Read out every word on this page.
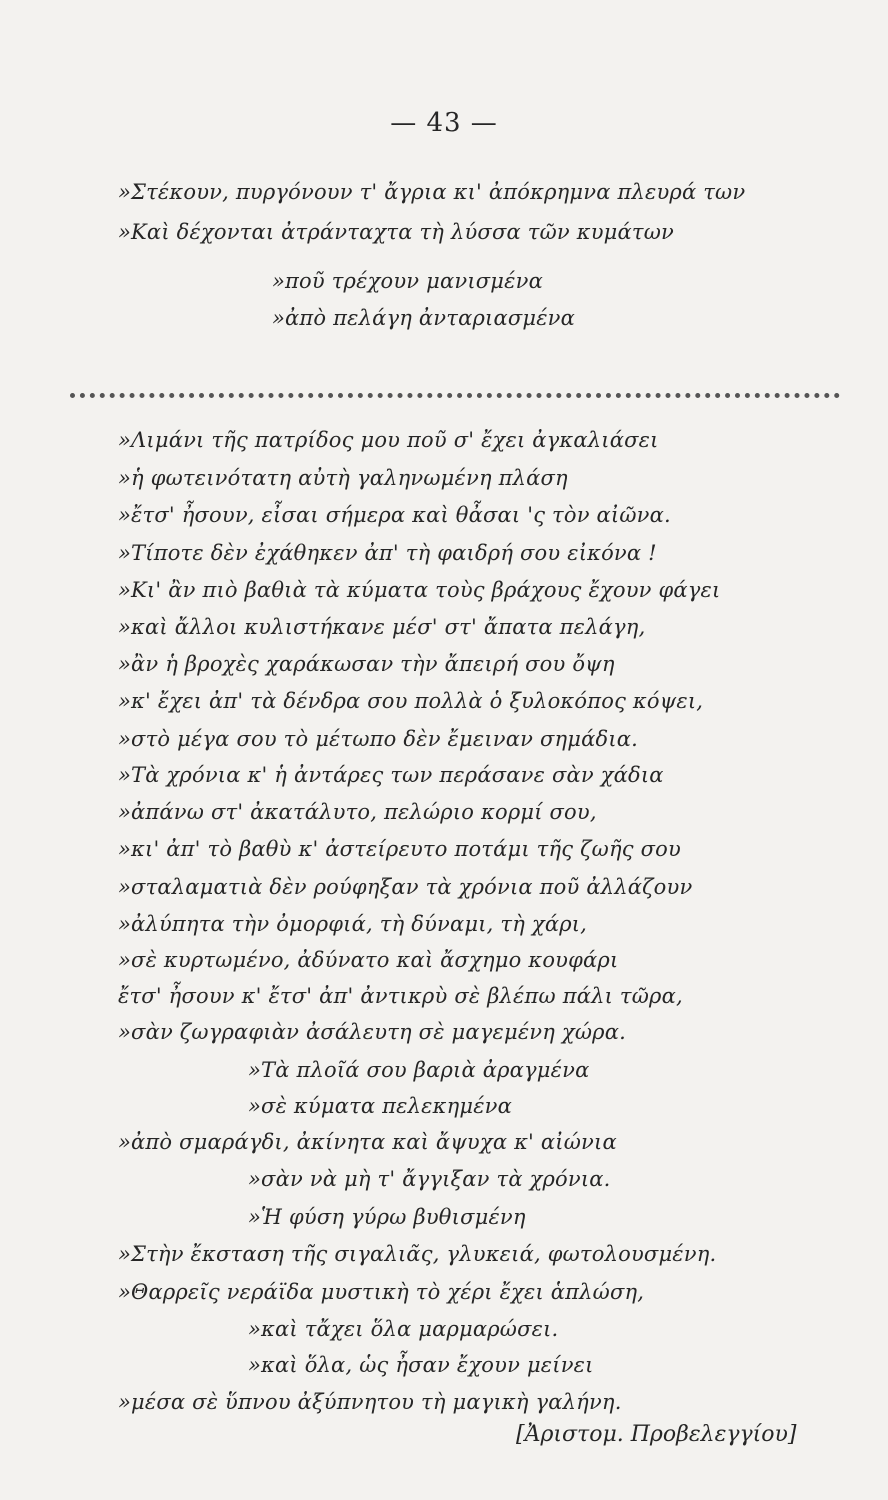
— 43 —
»Στέκουν, πυργόνουν τ' ἄγρια κι' ἀπόκρημνα πλευρά των
»Καὶ δέχονται ἀτράνταχτα τὴ λύσσα τῶν κυμάτων
»ποῦ τρέχουν μανισμένα
»ἀπὸ πελάγη ἀνταριασμένα
»Λιμάνι τῆς πατρίδος μου ποῦ σ' ἔχει ἀγκαλιάσει
»ἡ φωτεινότατη αὐτὴ γαληνωμένη πλάση
»ἔτσ' ἦσουν, εἶσαι σήμερα καὶ θἆσαι 'ς τὸν αἰῶνα.
»Τίποτε δὲν ἐχάθηκεν ἀπ' τὴ φαιδρή σου εἰκόνα !
»Κι' ἂν πιὸ βαθιὰ τὰ κύματα τοὺς βράχους ἔχουν φάγει
»καὶ ἄλλοι κυλιστήκανε μέσ' στ' ἄπατα πελάγη,
»ἂν ἡ βροχὲς χαράκωσαν τὴν ἄπειρή σου ὄψη
»κ' ἔχει ἀπ' τὰ δένδρα σου πολλὰ ὁ ξυλοκόπος κόψει,
»στὸ μέγα σου τὸ μέτωπο δὲν ἔμειναν σημάδια.
»Τὰ χρόνια κ' ἡ ἀντάρες των περάσανε σὰν χάδια
»ἀπάνω στ' ἀκατάλυτο, πελώριο κορμί σου,
»κι' ἀπ' τὸ βαθὺ κ' ἀστείρευτο ποτάμι τῆς ζωῆς σου
»σταλαματιὰ δὲν ρούφηξαν τὰ χρόνια ποῦ ἀλλάζουν
»ἀλύπητα τὴν ὀμορφιά, τὴ δύναμι, τὴ χάρι,
»σὲ κυρτωμένο, ἀδύνατο καὶ ἄσχημο κουφάρι
ἔτσ' ἦσουν κ' ἔτσ' ἀπ' ἀντικρὺ σὲ βλέπω πάλι τῶρα,
»σὰν ζωγραφιὰν ἀσάλευτη σὲ μαγεμένη χώρα.
»Τὰ πλοῖά σου βαριὰ ἀραγμένα
»σὲ κύματα πελεκημένα
»ἀπὸ σμαράγδι, ἀκίνητα καὶ ἄψυχα κ' αἰώνια
»σὰν νὰ μὴ τ' ἄγγιξαν τὰ χρόνια.
»Ἡ φύση γύρω βυθισμένη
»Στὴν ἔκσταση τῆς σιγαλιᾶς, γλυκειά, φωτολουσμένη.
»Θαρρεῖς νεράϊδα μυστικὴ τὸ χέρι ἔχει ἁπλώση,
»καὶ τἄχει ὅλα μαρμαρώσει.
»καὶ ὅλα, ὡς ἦσαν ἔχουν μείνει
»μέσα σὲ ὕπνου ἀξύπνητου τὴ μαγικὴ γαλήνη.
[Ἀριστομ. Προβελεγγίου]
